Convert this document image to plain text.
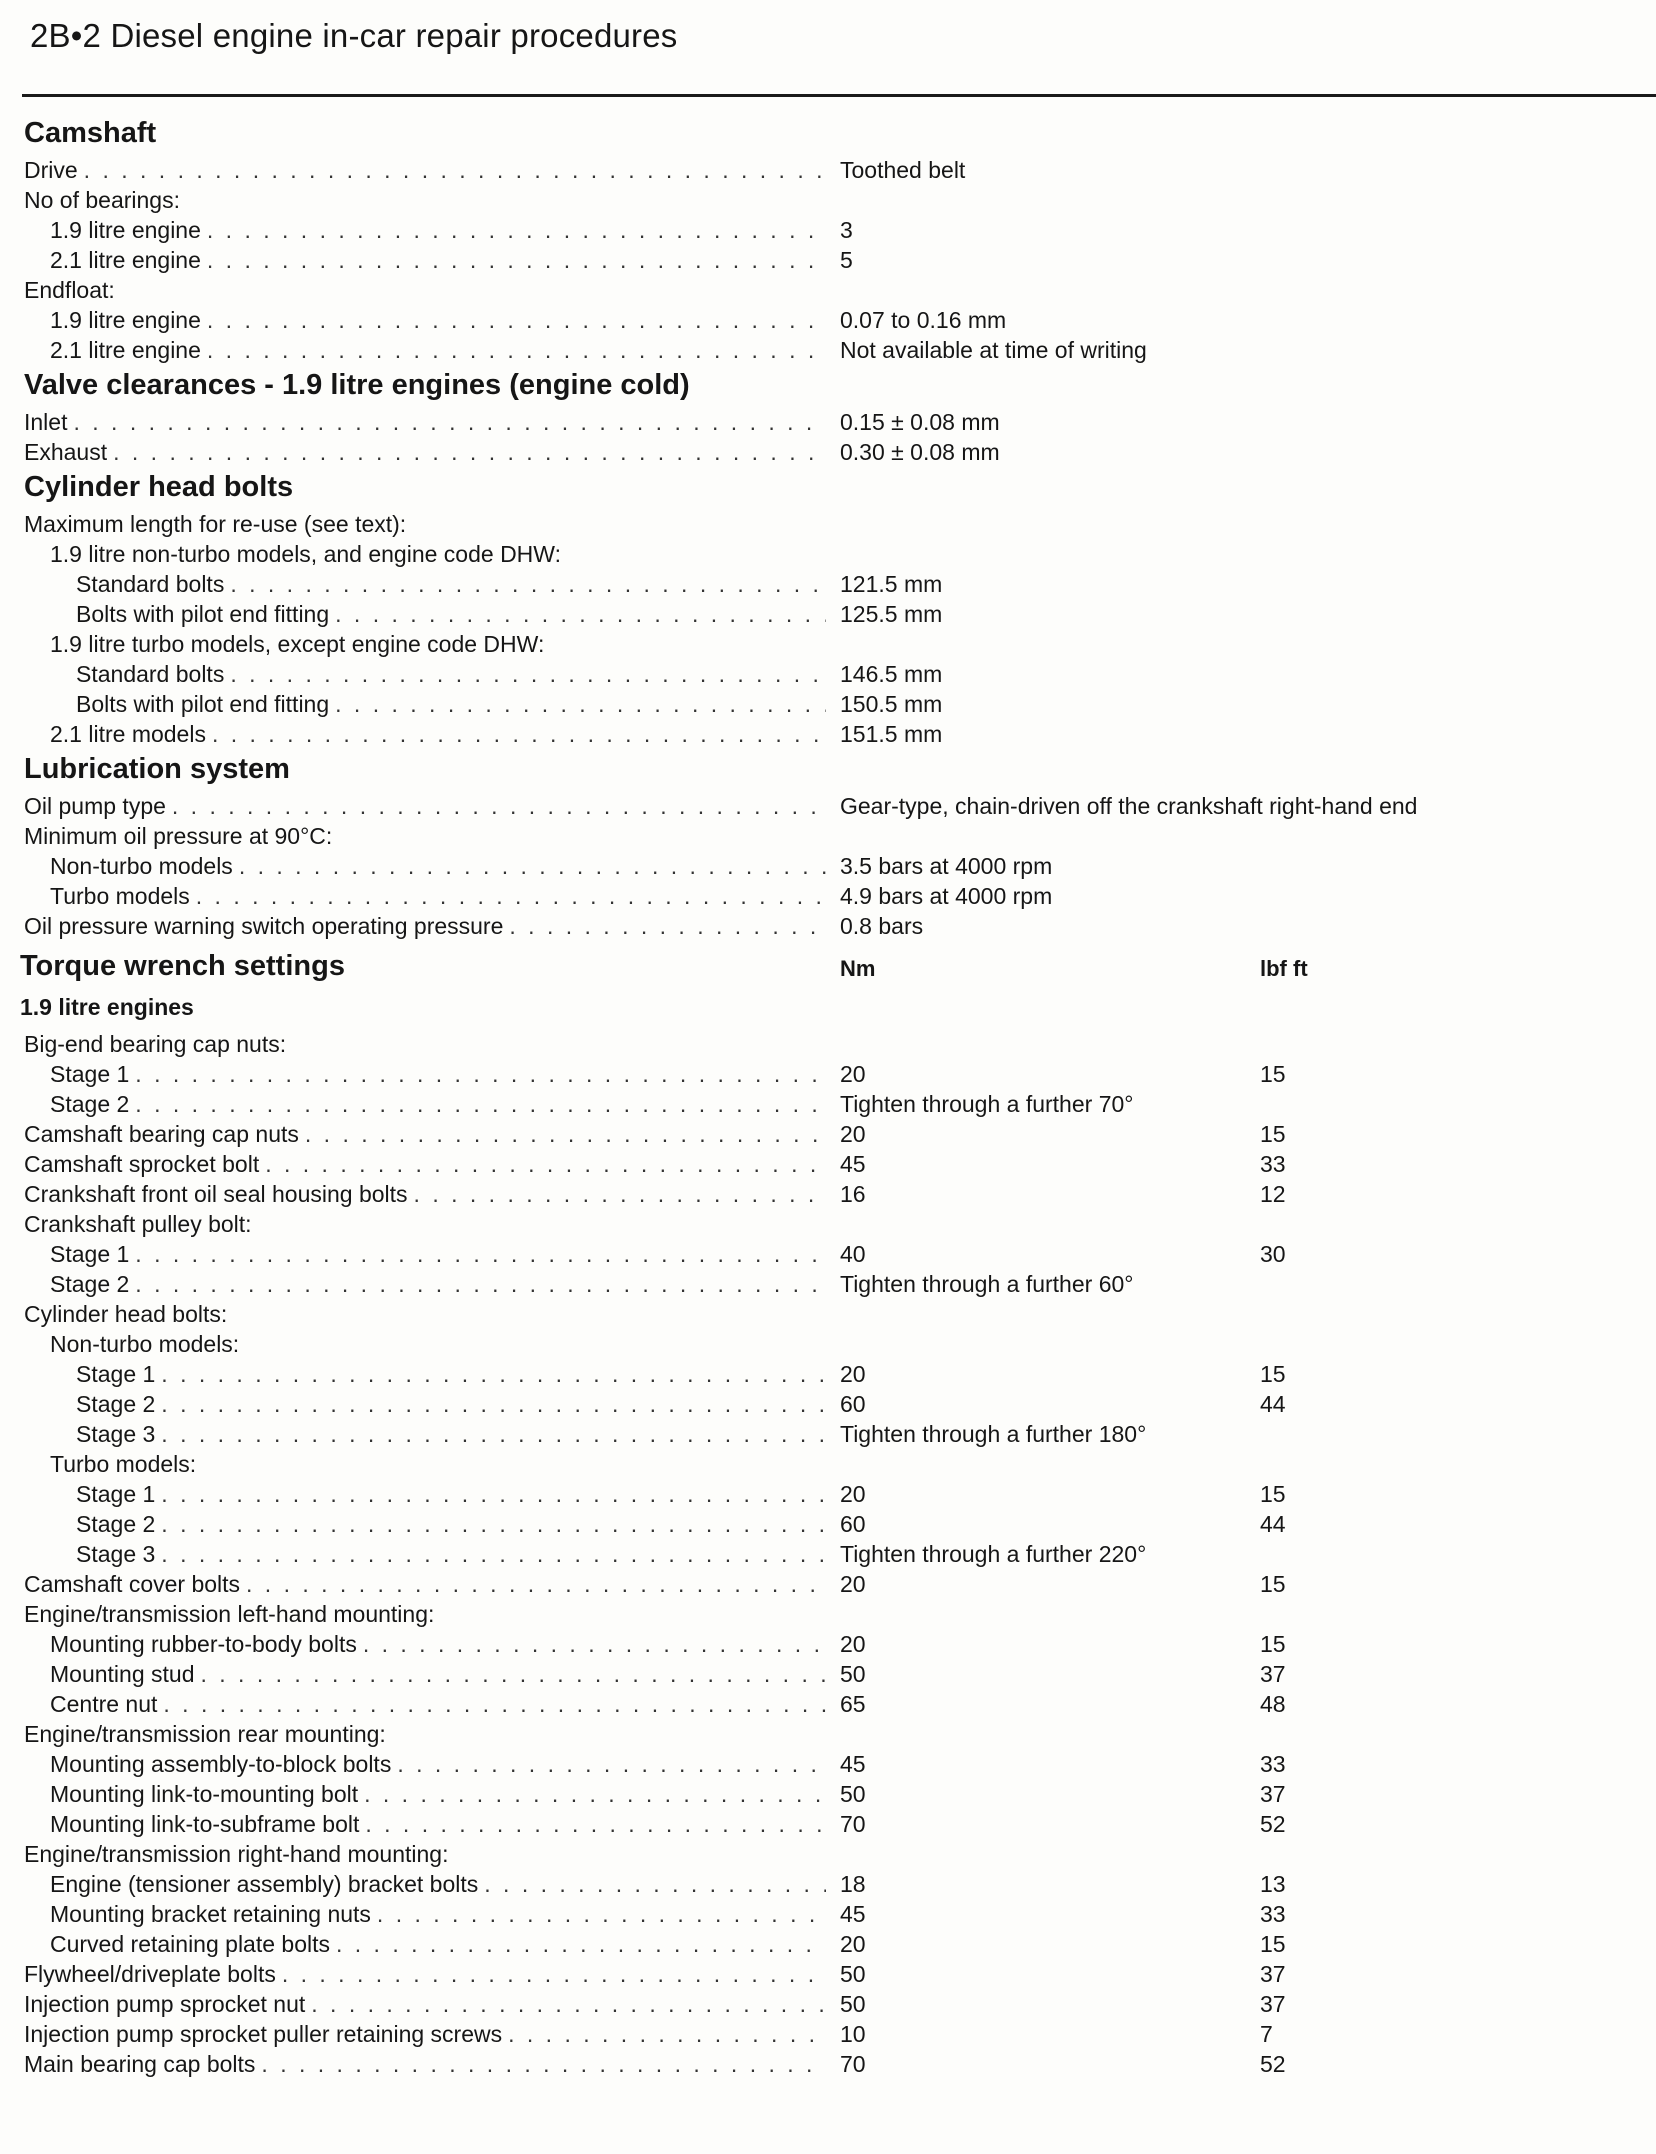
2B•2 Diesel engine in-car repair procedures
Camshaft
Drive . . .	Toothed belt
No of bearings:
1.9 litre engine . . .	3
2.1 litre engine . . .	5
Endfloat:
1.9 litre engine . . .	0.07 to 0.16 mm
2.1 litre engine . . .	Not available at time of writing
Valve clearances - 1.9 litre engines (engine cold)
Inlet . . .	0.15 ± 0.08 mm
Exhaust . . .	0.30 ± 0.08 mm
Cylinder head bolts
Maximum length for re-use (see text):
1.9 litre non-turbo models, and engine code DHW:
Standard bolts . . .	121.5 mm
Bolts with pilot end fitting . . .	125.5 mm
1.9 litre turbo models, except engine code DHW:
Standard bolts . . .	146.5 mm
Bolts with pilot end fitting . . .	150.5 mm
2.1 litre models . . .	151.5 mm
Lubrication system
Oil pump type . . .	Gear-type, chain-driven off the crankshaft right-hand end
Minimum oil pressure at 90°C:
Non-turbo models . . .	3.5 bars at 4000 rpm
Turbo models . . .	4.9 bars at 4000 rpm
Oil pressure warning switch operating pressure . . .	0.8 bars
Torque wrench settings	Nm	lbf ft
1.9 litre engines
Big-end bearing cap nuts:
Stage 1 . . .	20	15
Stage 2 . . .	Tighten through a further 70°
Camshaft bearing cap nuts . . .	20	15
Camshaft sprocket bolt . . .	45	33
Crankshaft front oil seal housing bolts . . .	16	12
Crankshaft pulley bolt:
Stage 1 . . .	40	30
Stage 2 . . .	Tighten through a further 60°
Cylinder head bolts:
Non-turbo models:
Stage 1 . . .	20	15
Stage 2 . . .	60	44
Stage 3 . . .	Tighten through a further 180°
Turbo models:
Stage 1 . . .	20	15
Stage 2 . . .	60	44
Stage 3 . . .	Tighten through a further 220°
Camshaft cover bolts . . .	20	15
Engine/transmission left-hand mounting:
Mounting rubber-to-body bolts . . .	20	15
Mounting stud . . .	50	37
Centre nut . . .	65	48
Engine/transmission rear mounting:
Mounting assembly-to-block bolts . . .	45	33
Mounting link-to-mounting bolt . . .	50	37
Mounting link-to-subframe bolt . . .	70	52
Engine/transmission right-hand mounting:
Engine (tensioner assembly) bracket bolts . . .	18	13
Mounting bracket retaining nuts . . .	45	33
Curved retaining plate bolts . . .	20	15
Flywheel/driveplate bolts . . .	50	37
Injection pump sprocket nut . . .	50	37
Injection pump sprocket puller retaining screws . . .	10	7
Main bearing cap bolts . . .	70	52
